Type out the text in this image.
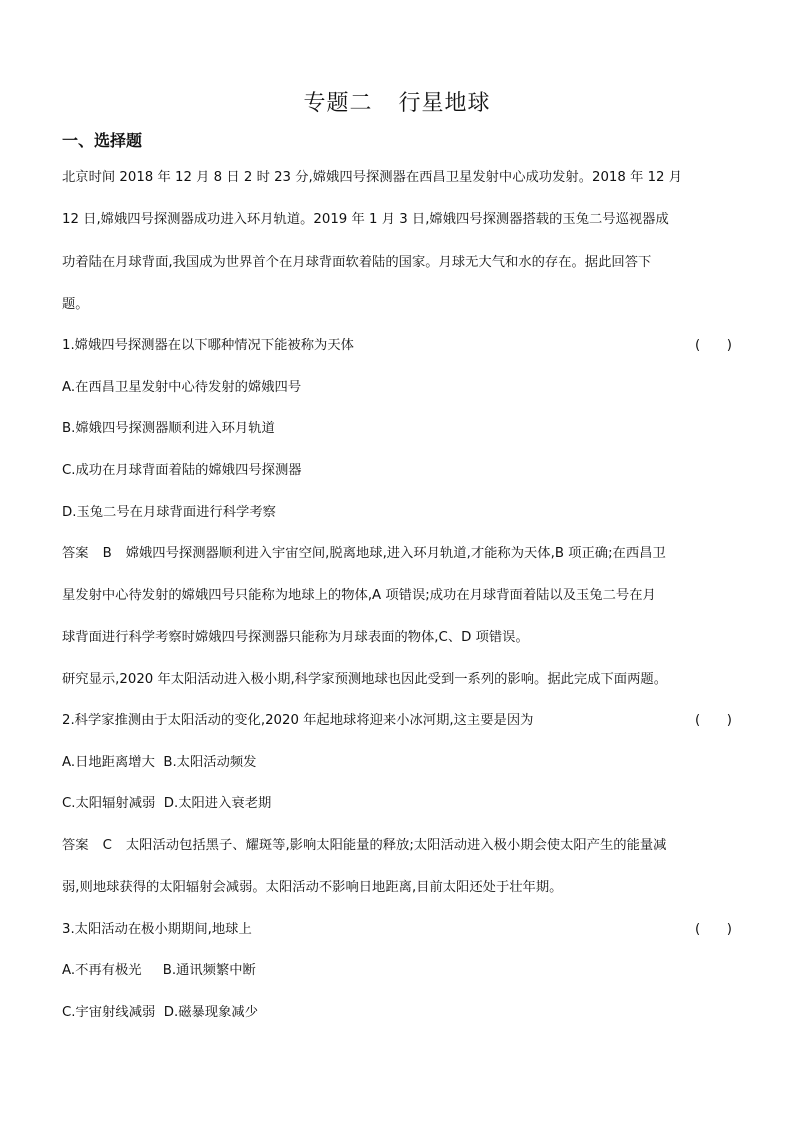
专题二 行星地球
一、选择题
北京时间 2018 年 12 月 8 日 2 时 23 分,嫦娥四号探测器在西昌卫星发射中心成功发射。2018 年 12 月
12 日,嫦娥四号探测器成功进入环月轨道。2019 年 1 月 3 日,嫦娥四号探测器搭载的玉兔二号巡视器成
功着陆在月球背面,我国成为世界首个在月球背面软着陆的国家。月球无大气和水的存在。据此回答下
题。
1.嫦娥四号探测器在以下哪种情况下能被称为天体	(　　)
A.在西昌卫星发射中心待发射的嫦娥四号
B.嫦娥四号探测器顺利进入环月轨道
C.成功在月球背面着陆的嫦娥四号探测器
D.玉兔二号在月球背面进行科学考察
答案 B 嫦娥四号探测器顺利进入宇宙空间,脱离地球,进入环月轨道,才能称为天体,B 项正确;在西昌卫
星发射中心待发射的嫦娥四号只能称为地球上的物体,A 项错误;成功在月球背面着陆以及玉兔二号在月
球背面进行科学考察时嫦娥四号探测器只能称为月球表面的物体,C、D 项错误。
研究显示,2020 年太阳活动进入极小期,科学家预测地球也因此受到一系列的影响。据此完成下面两题。
2.科学家推测由于太阳活动的变化,2020 年起地球将迎来小冰河期,这主要是因为	(　　)
A.日地距离增大  B.太阳活动频发
C.太阳辐射减弱  D.太阳进入衰老期
答案 C 太阳活动包括黑子、耀斑等,影响太阳能量的释放;太阳活动进入极小期会使太阳产生的能量减
弱,则地球获得的太阳辐射会减弱。太阳活动不影响日地距离,目前太阳还处于壮年期。
3.太阳活动在极小期期间,地球上	(　　)
A.不再有极光     B.通讯频繁中断
C.宇宙射线减弱  D.磁暴现象减少
